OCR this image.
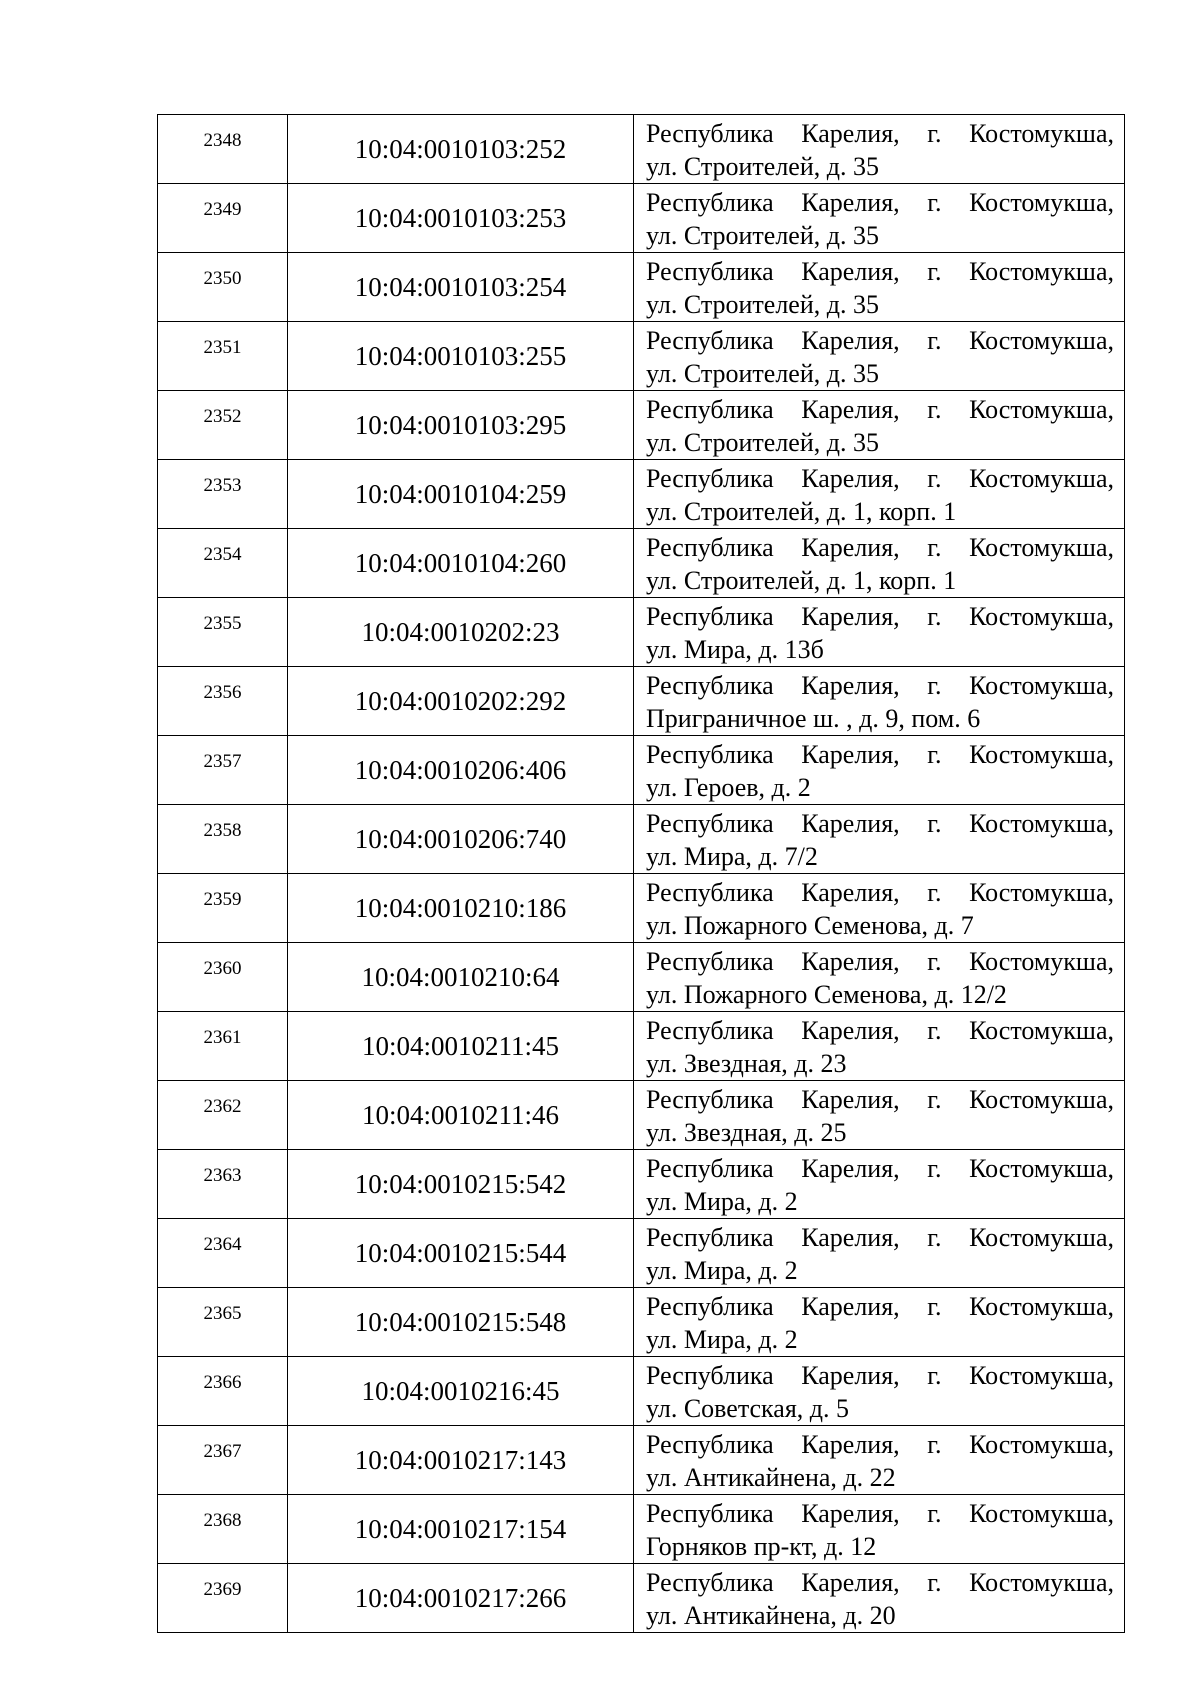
2348	10:04:0010103:252	Республика  Карелия,  г.  Костомукша,
ул. Строителей, д. 35

2349	10:04:0010103:253	Республика  Карелия,  г.  Костомукша,
ул. Строителей, д. 35

2350	10:04:0010103:254	Республика  Карелия,  г.  Костомукша,
ул. Строителей, д. 35

2351	10:04:0010103:255	Республика  Карелия,  г.  Костомукша,
ул. Строителей, д. 35

2352	10:04:0010103:295	Республика  Карелия,  г.  Костомукша,
ул. Строителей, д. 35

2353	10:04:0010104:259	Республика  Карелия,  г.  Костомукша,
ул. Строителей, д. 1, корп. 1

2354	10:04:0010104:260	Республика  Карелия,  г.  Костомукша,
ул. Строителей, д. 1, корп. 1

2355	10:04:0010202:23	Республика  Карелия,  г.  Костомукша,
ул. Мира, д. 13б

2356	10:04:0010202:292	Республика  Карелия,  г.  Костомукша,
Приграничное ш. , д. 9, пом. 6

2357	10:04:0010206:406	Республика  Карелия,  г.  Костомукша,
ул. Героев, д. 2

2358	10:04:0010206:740	Республика  Карелия,  г.  Костомукша,
ул. Мира, д. 7/2

2359	10:04:0010210:186	Республика  Карелия,  г.  Костомукша,
ул. Пожарного Семенова, д. 7

2360	10:04:0010210:64	Республика  Карелия,  г.  Костомукша,
ул. Пожарного Семенова, д. 12/2

2361	10:04:0010211:45	Республика  Карелия,  г.  Костомукша,
ул. Звездная, д. 23

2362	10:04:0010211:46	Республика  Карелия,  г.  Костомукша,
ул. Звездная, д. 25

2363	10:04:0010215:542	Республика  Карелия,  г.  Костомукша,
ул. Мира, д. 2

2364	10:04:0010215:544	Республика  Карелия,  г.  Костомукша,
ул. Мира, д. 2

2365	10:04:0010215:548	Республика  Карелия,  г.  Костомукша,
ул. Мира, д. 2

2366	10:04:0010216:45	Республика  Карелия,  г.  Костомукша,
ул. Советская, д. 5

2367	10:04:0010217:143	Республика  Карелия,  г.  Костомукша,
ул. Антикайнена, д. 22

2368	10:04:0010217:154	Республика  Карелия,  г.  Костомукша,
Горняков пр-кт, д. 12

2369	10:04:0010217:266	Республика  Карелия,  г.  Костомукша,
ул. Антикайнена, д. 20
